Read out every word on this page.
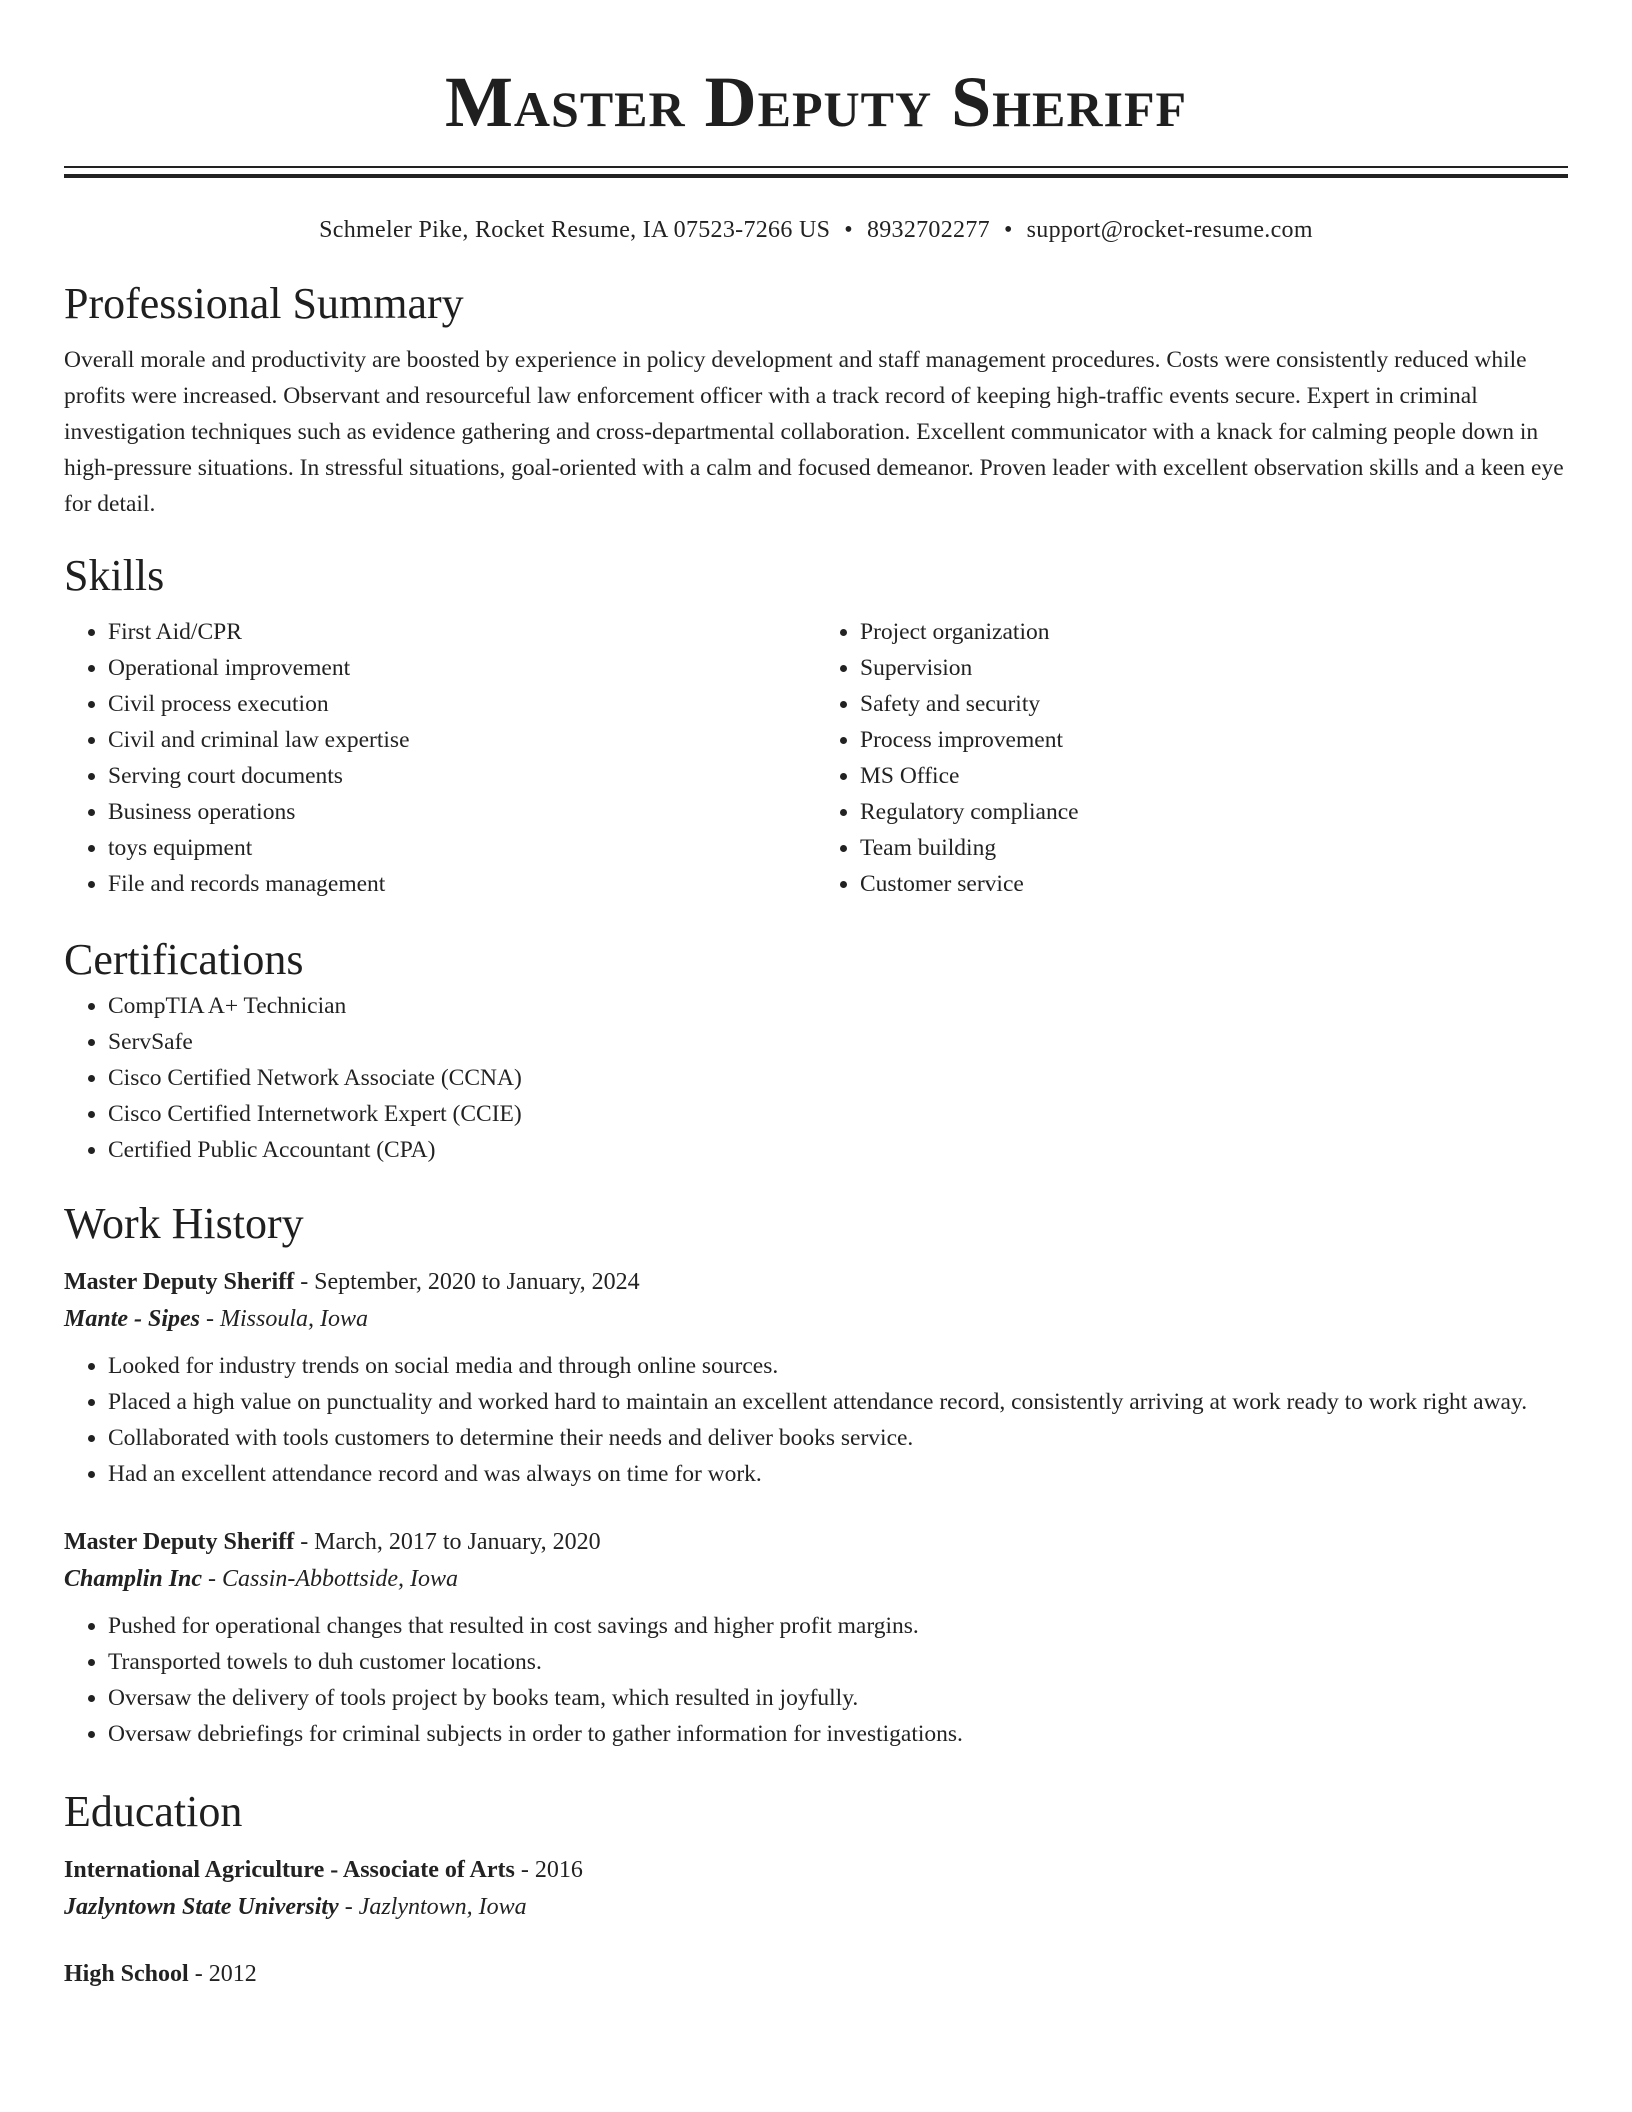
Master Deputy Sheriff
Schmeler Pike, Rocket Resume, IA 07523-7266 US • 8932702277 • support@rocket-resume.com
Professional Summary

Overall morale and productivity are boosted by experience in policy development and staff management procedures. Costs were consistently reduced while profits were increased. Observant and resourceful law enforcement officer with a track record of keeping high-traffic events secure. Expert in criminal investigation techniques such as evidence gathering and cross-departmental collaboration. Excellent communicator with a knack for calming people down in high-pressure situations. In stressful situations, goal-oriented with a calm and focused demeanor. Proven leader with excellent observation skills and a keen eye for detail.

Skills
• First Aid/CPR
• Operational improvement
• Civil process execution
• Civil and criminal law expertise
• Serving court documents
• Business operations
• toys equipment
• File and records management
• Project organization
• Supervision
• Safety and security
• Process improvement
• MS Office
• Regulatory compliance
• Team building
• Customer service
Certifications
• CompTIA A+ Technician
• ServSafe
• Cisco Certified Network Associate (CCNA)
• Cisco Certified Internetwork Expert (CCIE)
• Certified Public Accountant (CPA)
Work History
Master Deputy Sheriff - September, 2020 to January, 2024
Mante - Sipes - Missoula, Iowa
• Looked for industry trends on social media and through online sources.
• Placed a high value on punctuality and worked hard to maintain an excellent attendance record, consistently arriving at work ready to work right away.
• Collaborated with tools customers to determine their needs and deliver books service.
• Had an excellent attendance record and was always on time for work.
Master Deputy Sheriff - March, 2017 to January, 2020
Champlin Inc - Cassin-Abbottside, Iowa
• Pushed for operational changes that resulted in cost savings and higher profit margins.
• Transported towels to duh customer locations.
• Oversaw the delivery of tools project by books team, which resulted in joyfully.
• Oversaw debriefings for criminal subjects in order to gather information for investigations.
Education
International Agriculture - Associate of Arts - 2016
Jazlyntown State University - Jazlyntown, Iowa
High School - 2012
